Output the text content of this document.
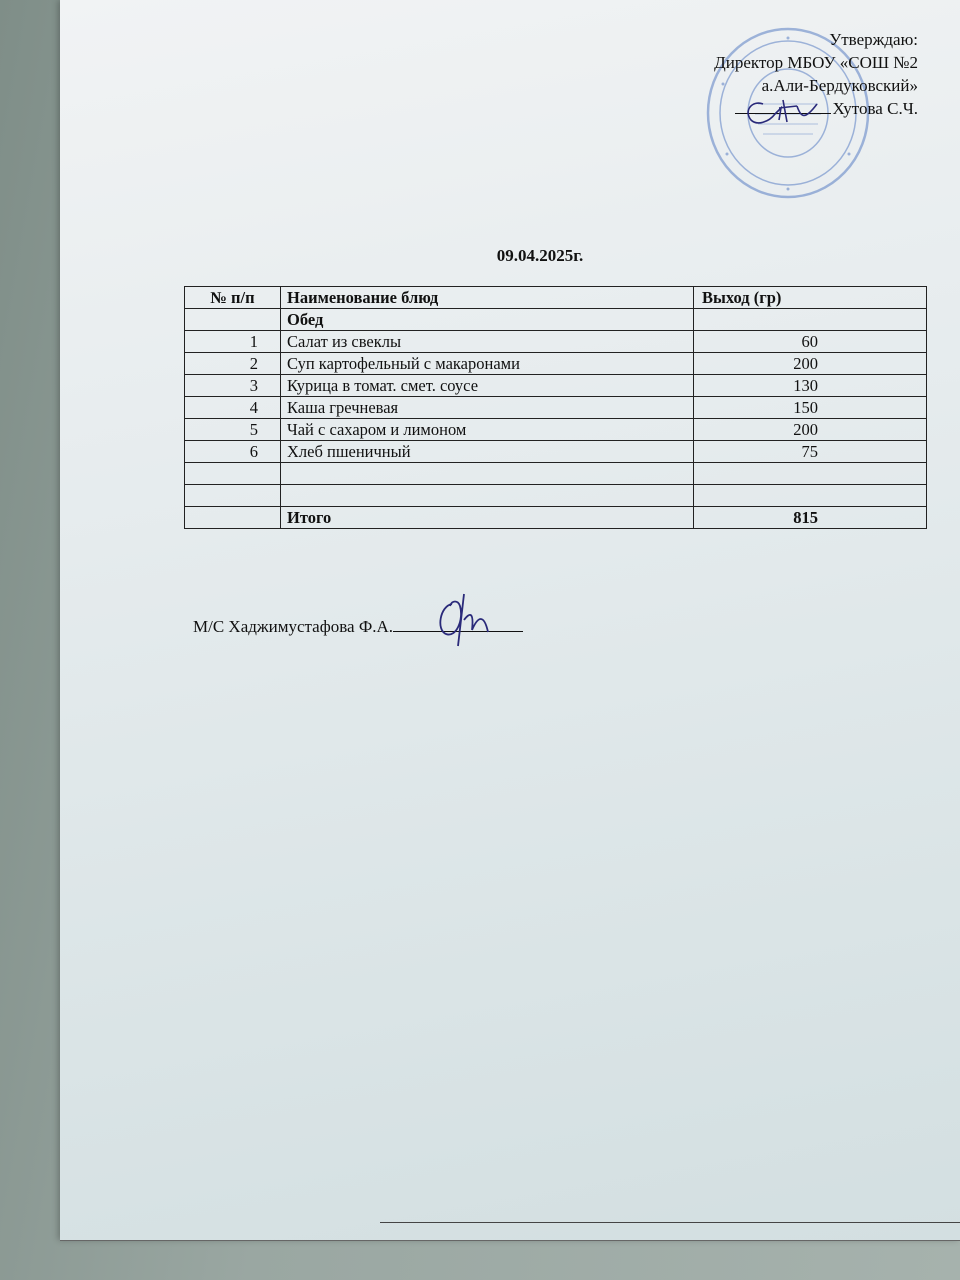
Утверждаю:
Директор МБОУ «СОШ №2
а.Али-Бердуковский»
Хутова С.Ч.
09.04.2025г.
№ п/п	Наименование блюд	Выход (гр)
	Обед	
1	Салат из свеклы	60
2	Суп картофельный с макаронами	200
3	Курица в томат. смет. соусе	130
4	Каша гречневая	150
5	Чай с сахаром и лимоном	200
6	Хлеб пшеничный	75

	Итого	815
М/С Хаджимустафова Ф.А.
